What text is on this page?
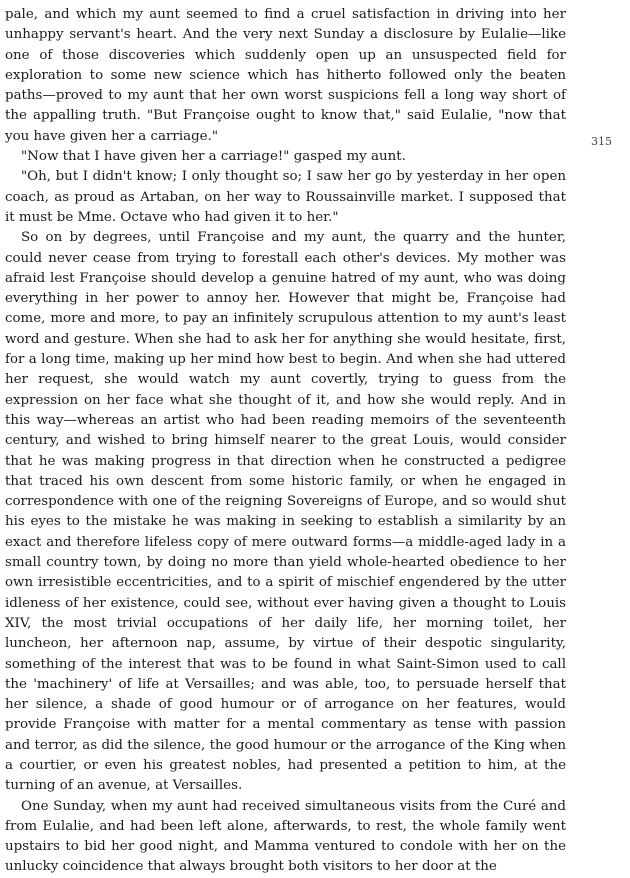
pale, and which my aunt seemed to find a cruel satisfaction in driving into her unhappy servant's heart. And the very next Sunday a disclosure by Eulalie—like one of those discoveries which suddenly open up an unsuspected field for exploration to some new science which has hitherto followed only the beaten paths—proved to my aunt that her own worst suspicions fell a long way short of the appalling truth. "But Françoise ought to know that," said Eulalie, "now that you have given her a carriage."

"Now that I have given her a carriage!" gasped my aunt.

"Oh, but I didn't know; I only thought so; I saw her go by yesterday in her open coach, as proud as Artaban, on her way to Roussainville market. I supposed that it must be Mme. Octave who had given it to her."

So on by degrees, until Françoise and my aunt, the quarry and the hunter, could never cease from trying to forestall each other's devices. My mother was afraid lest Françoise should develop a genuine hatred of my aunt, who was doing everything in her power to annoy her. However that might be, Françoise had come, more and more, to pay an infinitely scrupulous attention to my aunt's least word and gesture. When she had to ask her for anything she would hesitate, first, for a long time, making up her mind how best to begin. And when she had uttered her request, she would watch my aunt covertly, trying to guess from the expression on her face what she thought of it, and how she would reply. And in this way—whereas an artist who had been reading memoirs of the seventeenth century, and wished to bring himself nearer to the great Louis, would consider that he was making progress in that direction when he constructed a pedigree that traced his own descent from some historic family, or when he engaged in correspondence with one of the reigning Sovereigns of Europe, and so would shut his eyes to the mistake he was making in seeking to establish a similarity by an exact and therefore lifeless copy of mere outward forms—a middle-aged lady in a small country town, by doing no more than yield whole-hearted obedience to her own irresistible eccentricities, and to a spirit of mischief engendered by the utter idleness of her existence, could see, without ever having given a thought to Louis XIV, the most trivial occupations of her daily life, her morning toilet, her luncheon, her afternoon nap, assume, by virtue of their despotic singularity, something of the interest that was to be found in what Saint-Simon used to call the 'machinery' of life at Versailles; and was able, too, to persuade herself that her silence, a shade of good humour or of arrogance on her features, would provide Françoise with matter for a mental commentary as tense with passion and terror, as did the silence, the good humour or the arrogance of the King when a courtier, or even his greatest nobles, had presented a petition to him, at the turning of an avenue, at Versailles.

One Sunday, when my aunt had received simultaneous visits from the Curé and from Eulalie, and had been left alone, afterwards, to rest, the whole family went upstairs to bid her good night, and Mamma ventured to condole with her on the unlucky coincidence that always brought both visitors to her door at the

315
